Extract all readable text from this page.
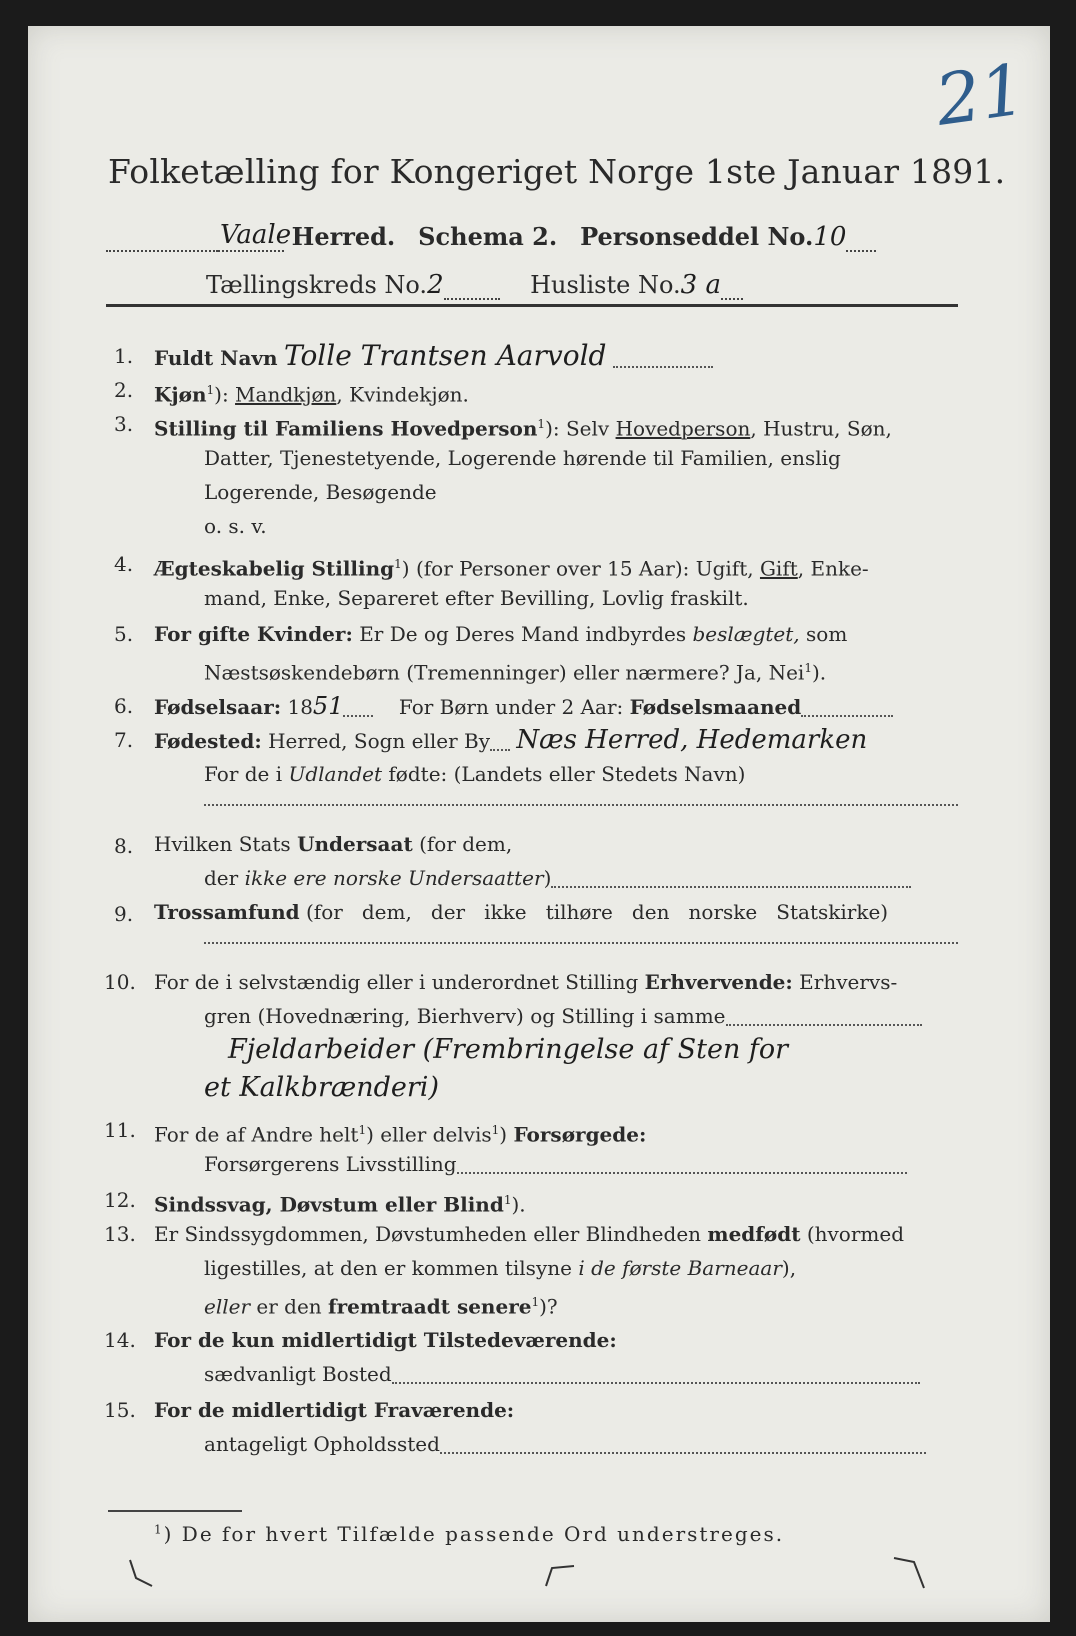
21
Folketælling for Kongeriget Norge 1ste Januar 1891.
Vaale Herred. Schema 2. Personseddel No.10
Tællingskreds No.2	Husliste No.3 a
1. Fuldt Navn Tolle Trantsen Aarvold
2. Kjøn$^1$): Mandkjøn, Kvindekjøn.
3. Stilling til Familiens Hovedperson$^1$): Selv Hovedperson, Hustru, Søn,
Datter, Tjenestetyende, Logerende hørende til Familien, enslig
Logerende, Besøgende
o. s. v.
4. Ægteskabelig Stilling$^1$) (for Personer over 15 Aar): Ugift, Gift, Enke-
mand, Enke, Separeret efter Bevilling, Lovlig fraskilt.
5. For gifte Kvinder: Er De og Deres Mand indbyrdes beslægtet, som
Næstsøskendebørn (Tremenninger) eller nærmere? Ja, Nei$^1$).
6. Fødselsaar: 1851	For Børn under 2 Aar: Fødselsmaaned
7. Fødested: Herred, Sogn eller By Næs Herred, Hedemarken
For de i Udlandet fødte: (Landets eller Stedets Navn)
8. Hvilken Stats Undersaat (for dem,
der ikke ere norske Undersaatter)
9. Trossamfund (for   dem,   der   ikke   tilhøre   den   norske   Statskirke)
10. For de i selvstændig eller i underordnet Stilling Erhvervende: Erhvervs-
gren (Hovednæring, Bierhverv) og Stilling i samme
Fjeldarbeider (Frembringelse af Sten for
et Kalkbrænderi)
11. For de af Andre helt$^1$) eller delvis$^1$) Forsørgede:
Forsørgerens Livsstilling
12. Sindssvag, Døvstum eller Blind$^1$).
13. Er Sindssygdommen, Døvstumheden eller Blindheden medfødt (hvormed
ligestilles, at den er kommen tilsyne i de første Barneaar),
eller er den fremtraadt senere$^1$)?
14. For de kun midlertidigt Tilstedeværende:
sædvanligt Bosted
15. For de midlertidigt Fraværende:
antageligt Opholdssted
$^1$) De for hvert Tilfælde passende Ord understreges.
